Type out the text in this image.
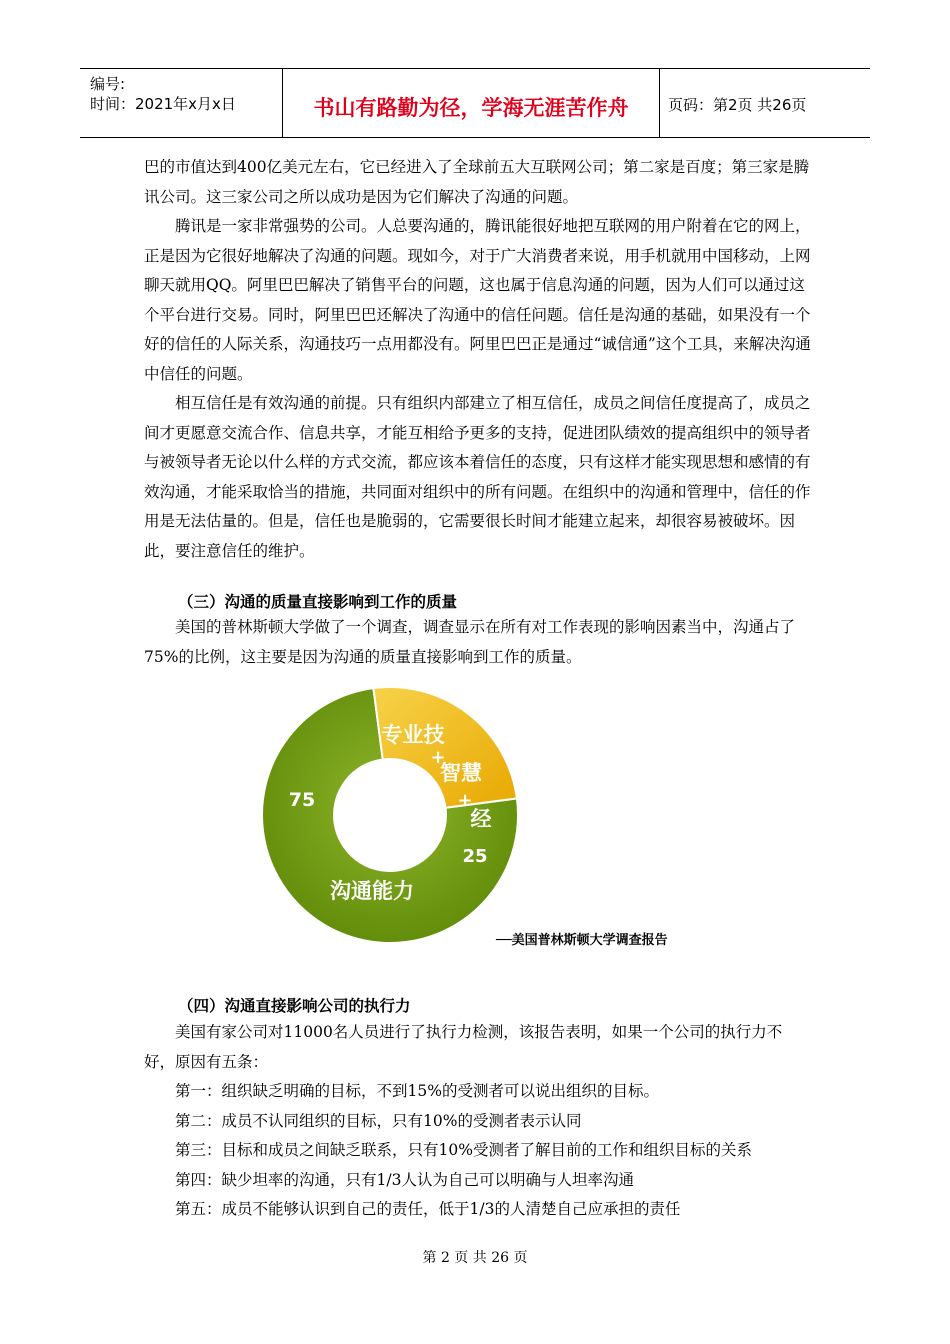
编号:
时间：2021年x月x日	书山有路勤为径，学海无涯苦作舟	页码：第2页 共26页

巴的市值达到400亿美元左右，它已经进入了全球前五大互联网公司；第二家是百度；第三家是腾讯公司。这三家公司之所以成功是因为它们解决了沟通的问题。

腾讯是一家非常强势的公司。人总要沟通的，腾讯能很好地把互联网的用户附着在它的网上，正是因为它很好地解决了沟通的问题。现如今，对于广大消费者来说，用手机就用中国移动，上网聊天就用QQ。阿里巴巴解决了销售平台的问题，这也属于信息沟通的问题，因为人们可以通过这个平台进行交易。同时，阿里巴巴还解决了沟通中的信任问题。信任是沟通的基础，如果没有一个好的信任的人际关系，沟通技巧一点用都没有。阿里巴巴正是通过“诚信通”这个工具，来解决沟通中信任的问题。

相互信任是有效沟通的前提。只有组织内部建立了相互信任，成员之间信任度提高了，成员之间才更愿意交流合作、信息共享，才能互相给予更多的支持，促进团队绩效的提高组织中的领导者与被领导者无论以什么样的方式交流，都应该本着信任的态度，只有这样才能实现思想和感情的有效沟通，才能采取恰当的措施，共同面对组织中的所有问题。在组织中的沟通和管理中，信任的作用是无法估量的。但是，信任也是脆弱的，它需要很长时间才能建立起来，却很容易被破坏。因此，要注意信任的维护。

（三）沟通的质量直接影响到工作的质量

美国的普林斯顿大学做了一个调查，调查显示在所有对工作表现的影响因素当中，沟通占了75%的比例，这主要是因为沟通的质量直接影响到工作的质量。

75
沟通能力
25
专业技
+
智慧
+
经
──美国普林斯顿大学调查报告
（四）沟通直接影响公司的执行力

美国有家公司对11000名人员进行了执行力检测，该报告表明，如果一个公司的执行力不好，原因有五条：

第一：组织缺乏明确的目标，不到15%的受测者可以说出组织的目标。

第二：成员不认同组织的目标，只有10%的受测者表示认同

第三：目标和成员之间缺乏联系，只有10%受测者了解目前的工作和组织目标的关系

第四：缺少坦率的沟通，只有1/3人认为自己可以明确与人坦率沟通

第五：成员不能够认识到自己的责任，低于1/3的人清楚自己应承担的责任

第 2 页 共 26 页
